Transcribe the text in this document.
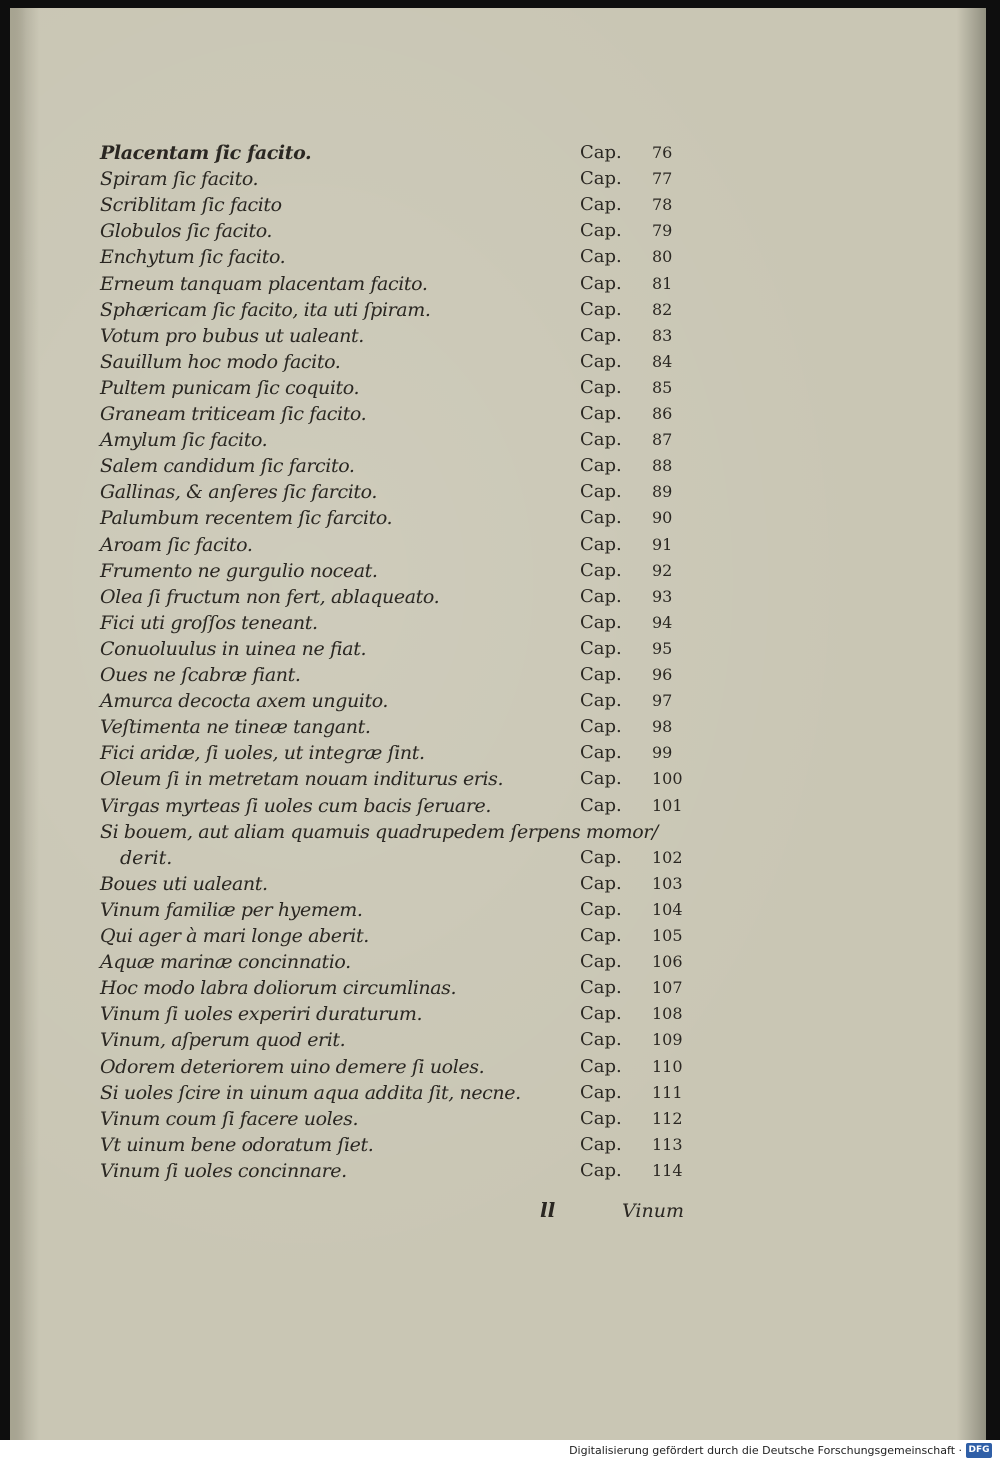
Placentam ſic facito.	Cap. 76
Spiram ſic facito.	Cap. 77
Scriblitam ſic facito	Cap. 78
Globulos ſic facito.	Cap. 79
Enchytum ſic facito.	Cap. 80
Erneum tanquam placentam facito.	Cap. 81
Sphæricam ſic facito, ita uti ſpiram.	Cap. 82
Votum pro bubus ut ualeant.	Cap. 83
Sauillum hoc modo facito.	Cap. 84
Pultem punicam ſic coquito.	Cap. 85
Graneam triticeam ſic facito.	Cap. 86
Amylum ſic facito.	Cap. 87
Salem candidum ſic farcito.	Cap. 88
Gallinas, & anſeres ſic farcito.	Cap. 89
Palumbum recentem ſic farcito.	Cap. 90
Aroam ſic facito.	Cap. 91
Frumento ne gurgulio noceat.	Cap. 92
Olea ſi fructum non fert, ablaqueato.	Cap. 93
Fici uti groſſos teneant.	Cap. 94
Conuoluulus in uinea ne fiat.	Cap. 95
Oues ne ſcabræ fiant.	Cap. 96
Amurca decocta axem unguito.	Cap. 97
Veſtimenta ne tineæ tangant.	Cap. 98
Fici aridæ, ſi uoles, ut integræ ſint.	Cap. 99
Oleum ſi in metretam nouam inditurus eris.	Cap. 100
Virgas myrteas ſi uoles cum bacis ſeruare.	Cap. 101
Si bouem, aut aliam quamuis quadrupedem ſerpens momor/
derit.	Cap. 102
Boues uti ualeant.	Cap. 103
Vinum familiæ per hyemem.	Cap. 104
Qui ager à mari longe aberit.	Cap. 105
Aquæ marinæ concinnatio.	Cap. 106
Hoc modo labra doliorum circumlinas.	Cap. 107
Vinum ſi uoles experiri duraturum.	Cap. 108
Vinum, aſperum quod erit.	Cap. 109
Odorem deteriorem uino demere ſi uoles.	Cap. 110
Si uoles ſcire in uinum aqua addita ſit, necne.	Cap. 111
Vinum coum ſi facere uoles.	Cap. 112
Vt uinum bene odoratum ſiet.	Cap. 113
Vinum ſi uoles concinnare.	Cap. 114
ll	Vinum
Digitalisierung gefördert durch die Deutsche Forschungsgemeinschaft · DFG
